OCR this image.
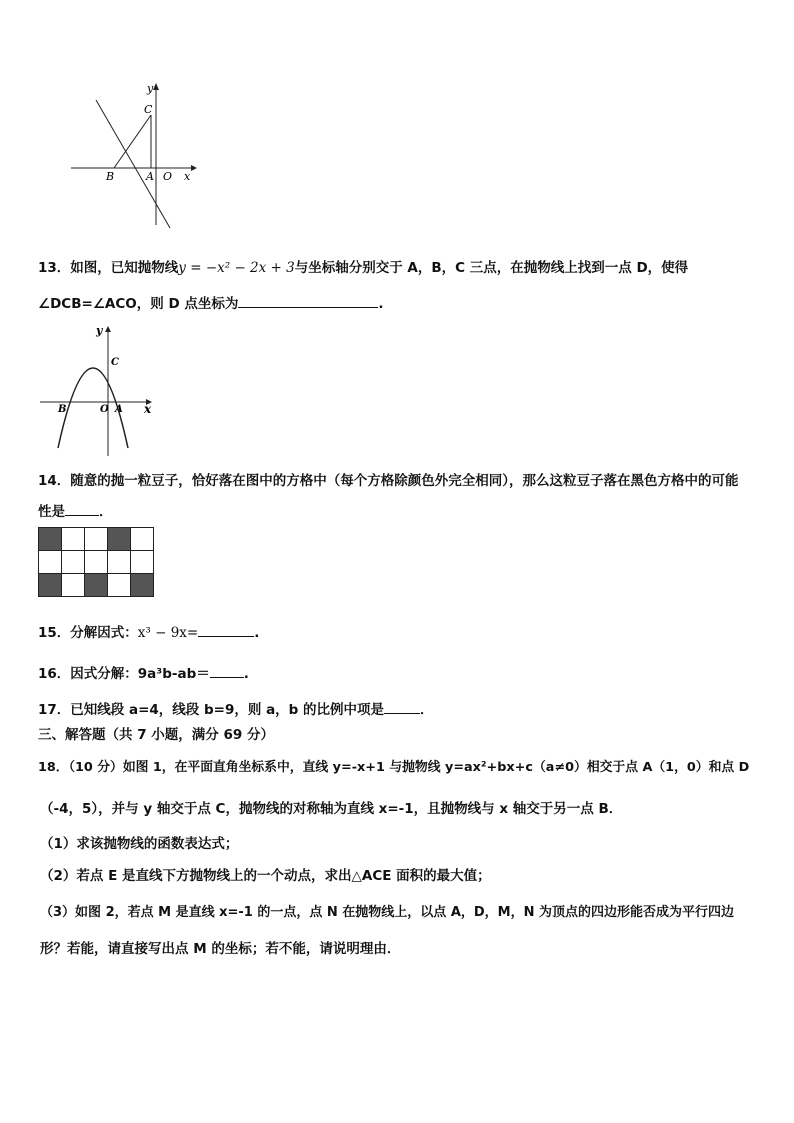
y
C
B	A O x
13．如图，已知抛物线y = −x² − 2x + 3与坐标轴分别交于 A，B，C 三点，在抛物线上找到一点 D，使得
∠DCB=∠ACO，则 D 点坐标为	.
y
C
B	O A x
14．随意的抛一粒豆子，恰好落在图中的方格中（每个方格除颜色外完全相同），那么这粒豆子落在黑色方格中的可能
性是	．

15．分解因式：x³ − 9x=	.
16．因式分解：9a³b-ab＝	.
17．已知线段 a=4，线段 b=9，则 a，b 的比例中项是	．
三、解答题（共 7 小题，满分 69 分）
18．（10 分）如图 1，在平面直角坐标系中，直线 y=-x+1 与抛物线 y=ax²+bx+c（a≠0）相交于点 A（1，0）和点 D
（-4，5），并与 y 轴交于点 C，抛物线的对称轴为直线 x=-1，且抛物线与 x 轴交于另一点 B．
（1）求该抛物线的函数表达式；
（2）若点 E 是直线下方抛物线上的一个动点，求出△ACE 面积的最大值；
（3）如图 2，若点 M 是直线 x=-1 的一点，点 N 在抛物线上，以点 A，D，M，N 为顶点的四边形能否成为平行四边
形？若能，请直接写出点 M 的坐标；若不能，请说明理由．
